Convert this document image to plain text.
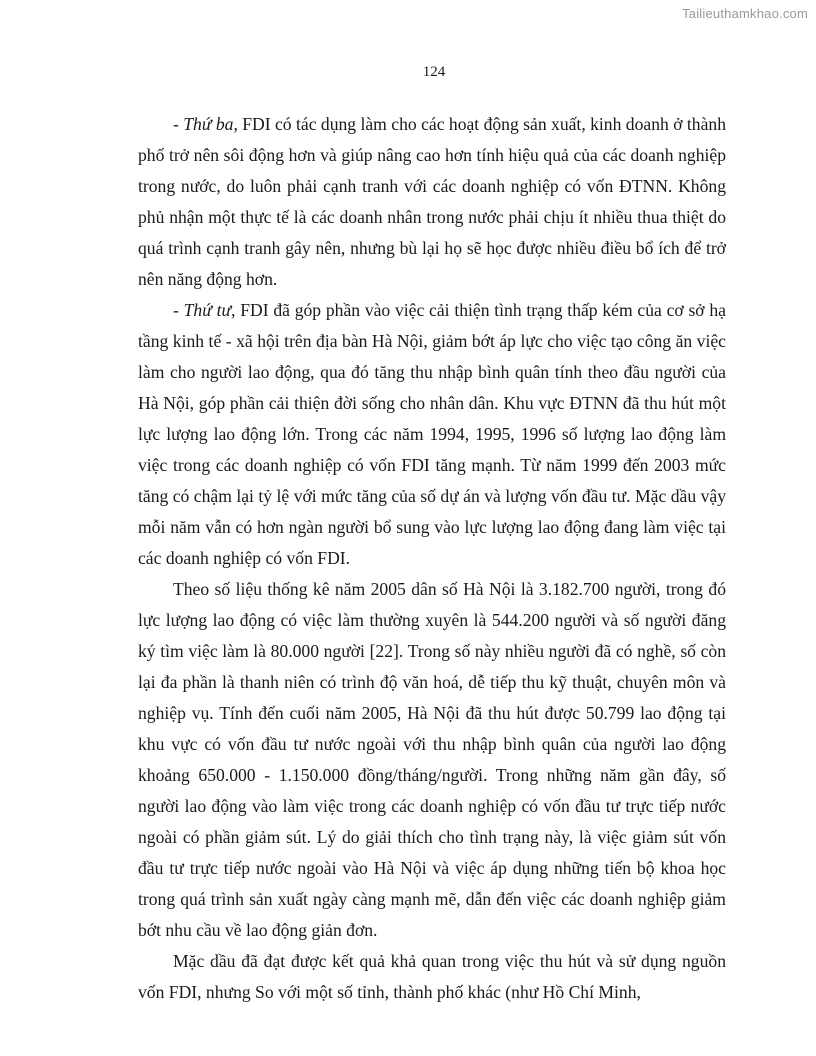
Tailieuthamkhao.com
124

- Thứ ba, FDI có tác dụng làm cho các hoạt động sản xuất, kinh doanh ở thành phố trở nên sôi động hơn và giúp nâng cao hơn tính hiệu quả của các doanh nghiệp trong nước, do luôn phải cạnh tranh với các doanh nghiệp có vốn ĐTNN. Không phủ nhận một thực tế là các doanh nhân trong nước phải chịu ít nhiều thua thiệt do quá trình cạnh tranh gây nên, nhưng bù lại họ sẽ học được nhiều điều bổ ích để trở nên năng động hơn.

- Thứ tư, FDI đã góp phần vào việc cải thiện tình trạng thấp kém của cơ sở hạ tầng kinh tế - xã hội trên địa bàn Hà Nội, giảm bớt áp lực cho việc tạo công ăn việc làm cho người lao động, qua đó tăng thu nhập bình quân tính theo đầu người của Hà Nội, góp phần cải thiện đời sống cho nhân dân. Khu vực ĐTNN đã thu hút một lực lượng lao động lớn. Trong các năm 1994, 1995, 1996 số lượng lao động làm việc trong các doanh nghiệp có vốn FDI tăng mạnh. Từ năm 1999 đến 2003 mức tăng có chậm lại tỷ lệ với mức tăng của số dự án và lượng vốn đầu tư. Mặc dầu vậy mỗi năm vẫn có hơn ngàn người bổ sung vào lực lượng lao động đang làm việc tại các doanh nghiệp có vốn FDI.

Theo số liệu thống kê năm 2005 dân số Hà Nội là 3.182.700 người, trong đó lực lượng lao động có việc làm thường xuyên là 544.200 người và số người đăng ký tìm việc làm là 80.000 người [22]. Trong số này nhiều người đã có nghề, số còn lại đa phần là thanh niên có trình độ văn hoá, dễ tiếp thu kỹ thuật, chuyên môn và nghiệp vụ. Tính đến cuối năm 2005, Hà Nội đã thu hút được 50.799 lao động tại khu vực có vốn đầu tư nước ngoài với thu nhập bình quân của người lao động khoảng 650.000 - 1.150.000 đồng/tháng/người. Trong những năm gần đây, số người lao động vào làm việc trong các doanh nghiệp có vốn đầu tư trực tiếp nước ngoài có phần giảm sút. Lý do giải thích cho tình trạng này, là việc giảm sút vốn đầu tư trực tiếp nước ngoài vào Hà Nội và việc áp dụng những tiến bộ khoa học trong quá trình sản xuất ngày càng mạnh mẽ, dẫn đến việc các doanh nghiệp giảm bớt nhu cầu về lao động giản đơn.

Mặc dầu đã đạt được kết quả khả quan trong việc thu hút và sử dụng nguồn vốn FDI, nhưng So với một số tỉnh, thành phố khác (như Hồ Chí Minh,
